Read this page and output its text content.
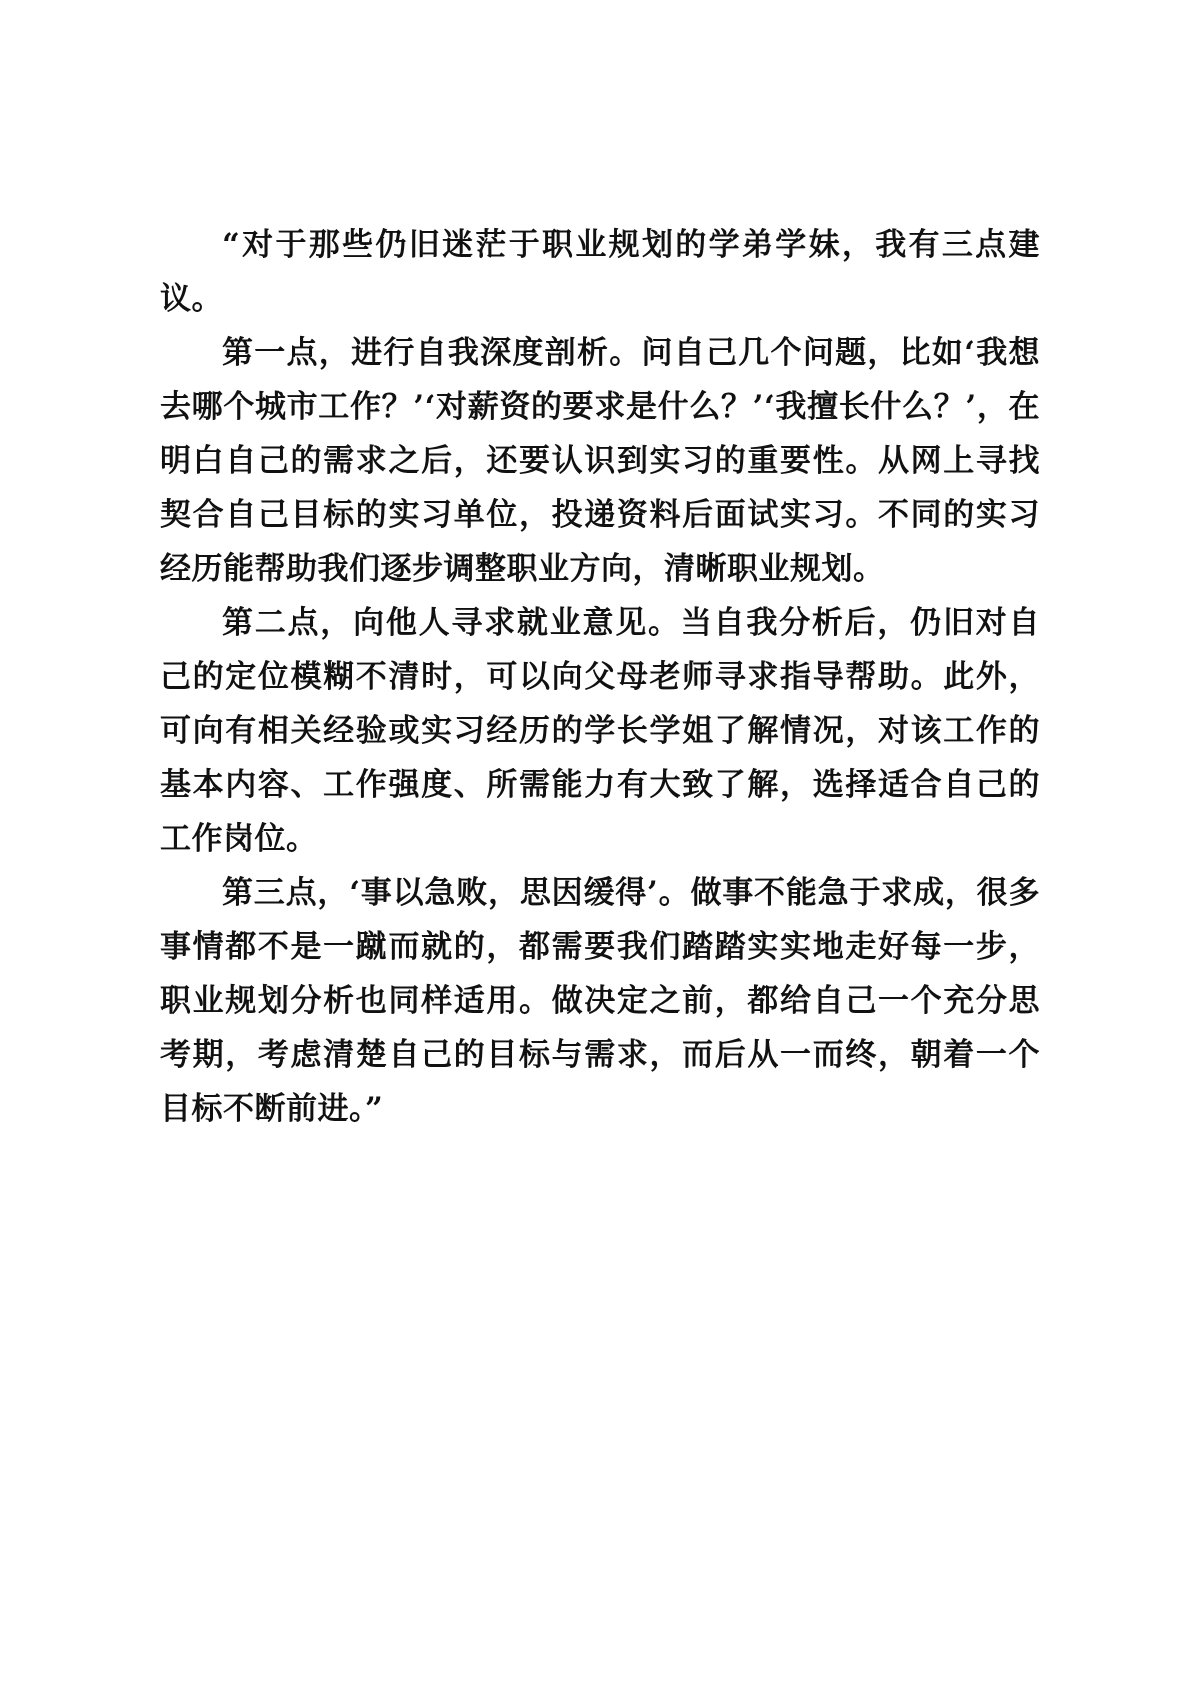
“对于那些仍旧迷茫于职业规划的学弟学妹，我有三点建议。

第一点，进行自我深度剖析。问自己几个问题，比如‘我想去哪个城市工作？’‘对薪资的要求是什么？’‘我擅长什么？’，在明白自己的需求之后，还要认识到实习的重要性。从网上寻找契合自己目标的实习单位，投递资料后面试实习。不同的实习经历能帮助我们逐步调整职业方向，清晰职业规划。

第二点，向他人寻求就业意见。当自我分析后，仍旧对自己的定位模糊不清时，可以向父母老师寻求指导帮助。此外，可向有相关经验或实习经历的学长学姐了解情况，对该工作的基本内容、工作强度、所需能力有大致了解，选择适合自己的工作岗位。

第三点，‘事以急败，思因缓得’。做事不能急于求成，很多事情都不是一蹴而就的，都需要我们踏踏实实地走好每一步，职业规划分析也同样适用。做决定之前，都给自己一个充分思考期，考虑清楚自己的目标与需求，而后从一而终，朝着一个目标不断前进。”
